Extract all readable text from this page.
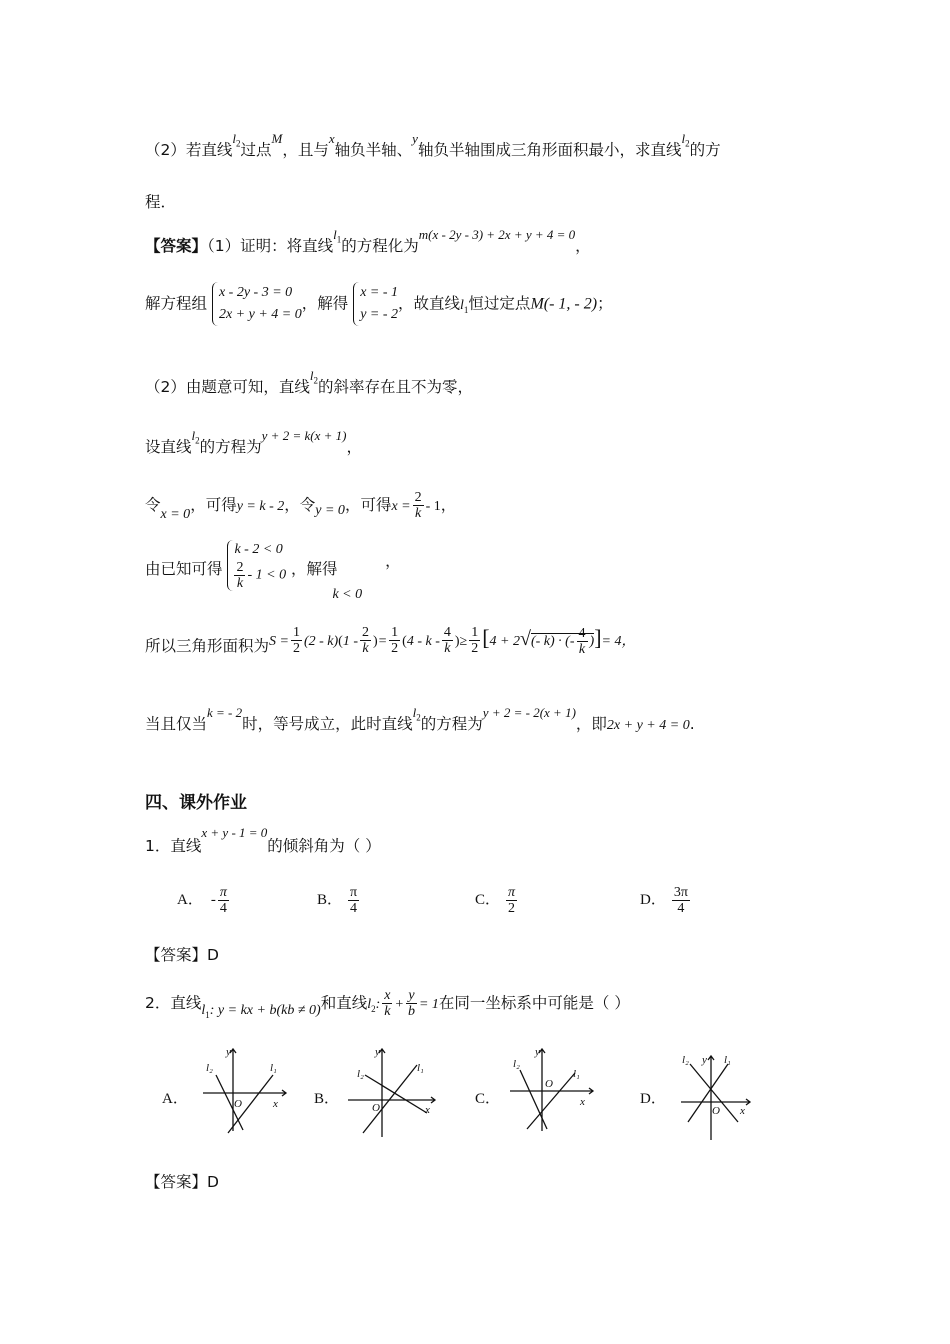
（2）若直线$^{l_2}$过点$^M$，且与$^x$轴负半轴、$^y$轴负半轴围成三角形面积最小，求直线$^{l_2}$的方
程．
【答案】（1）证明：将直线$^{l_1}$的方程化为$^{m(x - 2y - 3) + 2x + y + 4 = 0}$，
解方程组 x - 2y - 3 = 0
2x + y + 4 = 0，解得 x = - 1
y = - 2，故直线$l_1$恒过定点M(- 1, - 2)；
（2）由题意可知，直线$^{l_2}$的斜率存在且不为零，
设直线$^{l_2}$的方程为$^{y + 2 = k(x + 1)}$，
令x = 0，可得y = k - 2，令y = 0，可得$x = \frac{2}{k} - 1$，
由已知可得 k - 2 < 0

$\frac{2}{k} - 1 < 0$ ，解得 k < 0 ，
所以三角形面积为$S = \frac{1}{2} (2 - k)(1 - \frac{2}{k}$ )= $\frac{1}{2} (4$ - k - $\frac{4}{k}$ )≥ $\frac{1}{2} [4 + 2√(-$ k) · (- $\frac{4}{k}$ )]= 4，
当且仅当$^{k = - 2}$时，等号成立，此时直线$^{l_2}$的方程为$^{y + 2 = - 2(x + 1)}$，即2x + y + 4 = 0.
四、课外作业
1．直线$^{x + y - 1 = 0}$的倾斜角为（ ）
A． - $\frac{\pi}{4}$	B． $\frac{\pi}{4}$	C． $\frac{\pi}{2}$	D． $\frac{3\pi}{4}$
【答案】D
2．直线$l_1$: y = kx + b(kb ≠ 0)和直线$l_2$: $\frac{x}{k} + \frac{y}{b} = 1$在同一坐标系中可能是（ ）
A．
y
x
O
l₁
l₂
B．
y
x
O
l₁
l₂
C．
y
x
O
l₁
l₂
D．
y
x
O
l₁
l₂
【答案】D
